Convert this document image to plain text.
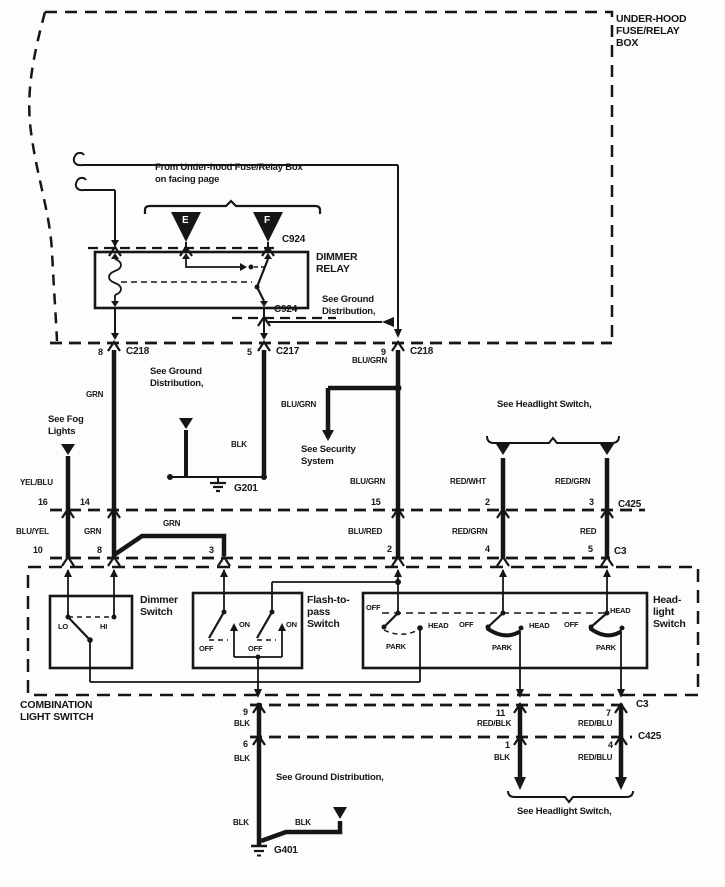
UNDER-HOOD
FUSE/RELAY
BOX
From Under-hood Fuse/Relay Box
on facing page
E	F
C924
DIMMER
RELAY
C924
See Ground
Distribution,
8 C218	5 C217	9 C218
GRN
See Ground
Distribution,
BLK
G201
BLU/GRN
BLU/GRN
See Security
System
See Fog
Lights
YEL/BLU
16	14
BLU/YEL	GRN
10	8
GRN
3
BLU/GRN
15
BLU/RED
2
See Headlight Switch,
RED/WHT
2
RED/GRN
3 C425
RED/GRN
4
RED
5 C3
Dimmer
Switch
LO	HI
Flash-to-
pass
Switch
ON	ON
OFF	OFF
Head-
light
Switch
OFF
HEAD
PARK
OFF	HEAD
PARK
OFF
HEAD
PARK
COMBINATION
LIGHT SWITCH	9
BLK
6
BLK
See Ground Distribution,
BLK	BLK
G401
11
RED/BLK
7
RED/BLU
C3
1
BLK
4
RED/BLU
C425
See Headlight Switch,
